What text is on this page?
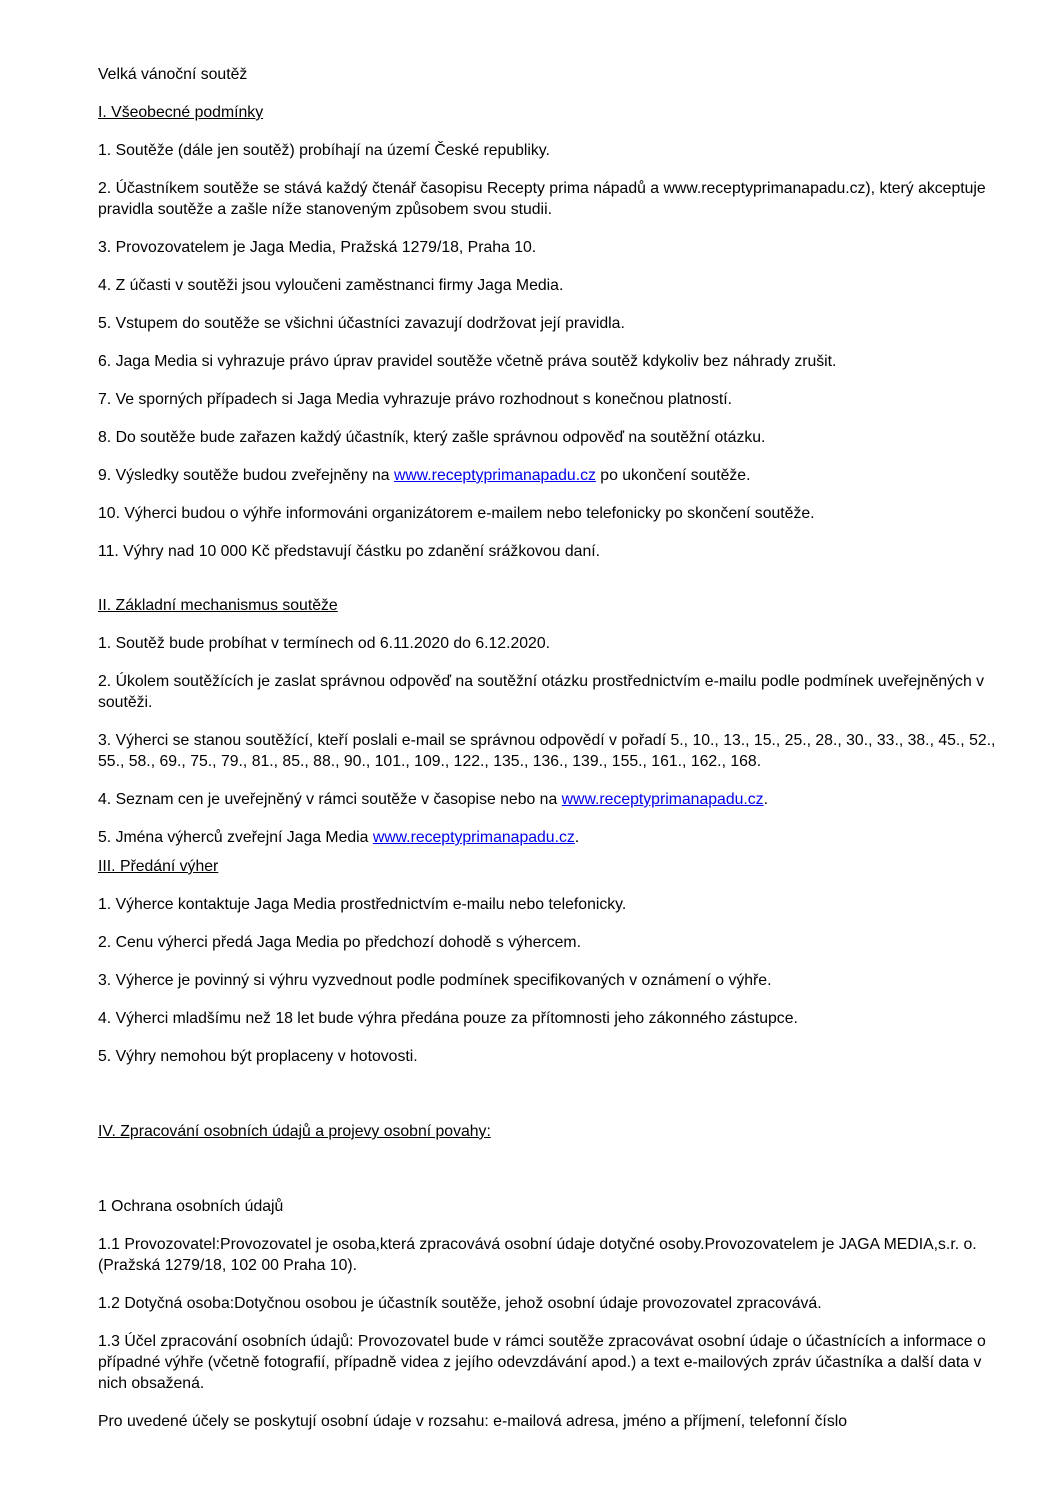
Velká vánoční soutěž

I. Všeobecné podmínky

1. Soutěže (dále jen soutěž) probíhají na území České republiky.

2. Účastníkem soutěže se stává každý čtenář časopisu Recepty prima nápadů a www.receptyprimanapadu.cz), který akceptuje pravidla soutěže a zašle níže stanoveným způsobem svou studii.

3. Provozovatelem je Jaga Media, Pražská 1279/18, Praha 10.

4. Z účasti v soutěži jsou vyloučeni zaměstnanci firmy Jaga Media.

5. Vstupem do soutěže se všichni účastníci zavazují dodržovat její pravidla.

6. Jaga Media si vyhrazuje právo úprav pravidel soutěže včetně práva soutěž kdykoliv bez náhrady zrušit.

7. Ve sporných případech si Jaga Media vyhrazuje právo rozhodnout s konečnou platností.

8. Do soutěže bude zařazen každý účastník, který zašle správnou odpověď na soutěžní otázku.

9. Výsledky soutěže budou zveřejněny na www.receptyprimanapadu.cz po ukončení soutěže.

10. Výherci budou o výhře informováni organizátorem e-mailem nebo telefonicky po skončení soutěže.

11. Výhry nad 10 000 Kč představují částku po zdanění srážkovou daní.

II. Základní mechanismus soutěže

1. Soutěž bude probíhat v termínech od 6.11.2020 do 6.12.2020.

2. Úkolem soutěžících je zaslat správnou odpověď na soutěžní otázku prostřednictvím e-mailu podle podmínek uveřejněných v soutěži.

3. Výherci se stanou soutěžící, kteří poslali e-mail se správnou odpovědí v pořadí 5., 10., 13., 15., 25., 28., 30., 33., 38., 45., 52., 55., 58., 69., 75., 79., 81., 85., 88., 90., 101., 109., 122., 135., 136., 139., 155., 161., 162., 168.

4. Seznam cen je uveřejněný v rámci soutěže v časopise nebo na www.receptyprimanapadu.cz.

5. Jména výherců zveřejní Jaga Media www.receptyprimanapadu.cz.

III. Předání výher

1. Výherce kontaktuje Jaga Media prostřednictvím e-mailu nebo telefonicky.

2. Cenu výherci předá Jaga Media po předchozí dohodě s výhercem.

3. Výherce je povinný si výhru vyzvednout podle podmínek specifikovaných v oznámení o výhře.

4. Výherci mladšímu než 18 let bude výhra předána pouze za přítomnosti jeho zákonného zástupce.

5. Výhry nemohou být proplaceny v hotovosti.

IV. Zpracování osobních údajů a projevy osobní povahy:

1 Ochrana osobních údajů

1.1 Provozovatel:Provozovatel je osoba,která zpracovává osobní údaje dotyčné osoby.Provozovatelem je JAGA MEDIA,s.r. o.(Pražská 1279/18, 102 00 Praha 10).

1.2 Dotyčná osoba:Dotyčnou osobou je účastník soutěže, jehož osobní údaje provozovatel zpracovává.

1.3 Účel zpracování osobních údajů: Provozovatel bude v rámci soutěže zpracovávat osobní údaje o účastnících a informace o případné výhře (včetně fotografií, případně videa z jejího odevzdávání apod.) a text e-mailových zpráv účastníka a další data v nich obsažená.

Pro uvedené účely se poskytují osobní údaje v rozsahu: e-mailová adresa, jméno a příjmení, telefonní číslo
